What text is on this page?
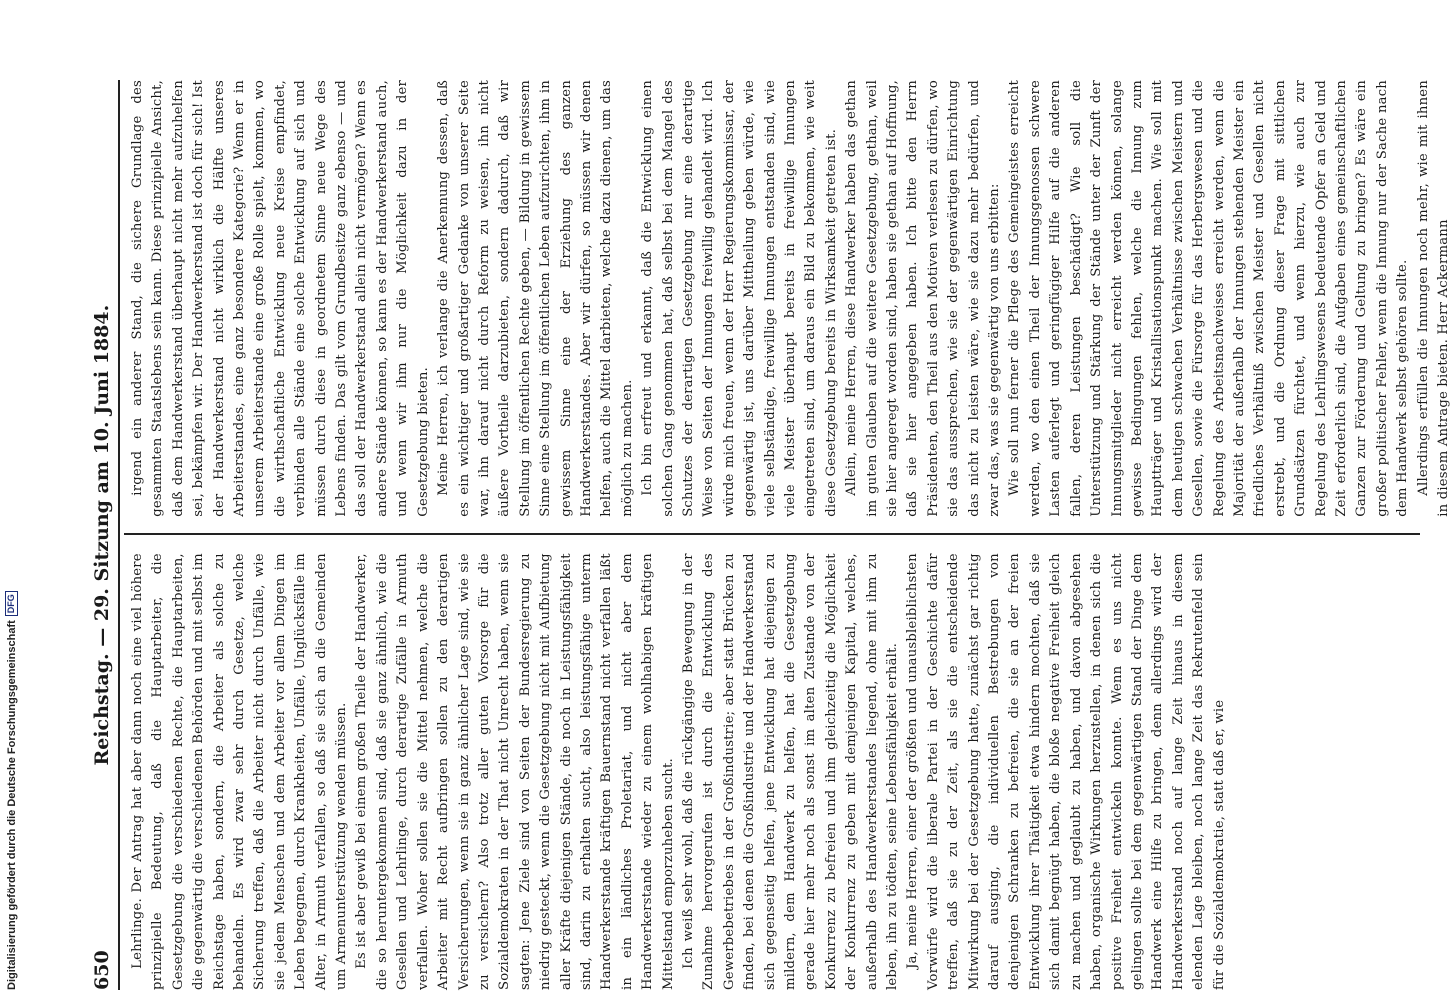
650
Reichstag. — 29. Sitzung am 10. Juni 1884. Lehrlinge. Der Antrag hat aber dann noch eine viel höhere prinzipielle Bedeutung, daß die Hauptarbeiter, die Gesetzgebung die verschiedenen Rechte, die Hauptarbeiten, die gegenwärtig die verschiedenen Behörden und mit selbst im Reichstage haben, sondern, die Arbeiter als solche zu behandeln. Es wird zwar sehr durch Gesetze, welche Sicherung treffen, daß die Arbeiter nicht durch Unfälle, wie sie jedem Menschen und dem Arbeiter vor allem Dingen im Leben begegnen, durch Krankheiten, Unfälle, Unglücksfälle im Alter, in Armuth verfallen, so daß sie sich an die Gemeinden um Armenunterstützung wenden müssen. Es ist aber gewiß bei einem großen Theile der Handwerker, die so heruntergekommen sind, daß sie ganz ähnlich, wie die Gesellen und Lehrlinge, durch derartige Zufälle in Armuth verfallen. Woher sollen sie die Mittel nehmen, welche die Arbeiter mit Recht aufbringen sollen zu den derartigen Versicherungen, wenn sie in ganz ähnlicher Lage sind, wie sie zu versichern? Also trotz aller guten Vorsorge für die Sozialdemokraten in der That nicht Unrecht haben, wenn sie sagten: Jene Ziele sind von Seiten der Bundesregierung zu niedrig gesteckt, wenn die Gesetzgebung nicht mit Aufbietung aller Kräfte diejenigen Stände, die noch in Leistungsfähigkeit sind, darin zu erhalten sucht, also leistungsfähige unterm Handwerkerstande kräftigen Bauernstand nicht verfallen läßt in ein ländliches Proletariat, und nicht aber dem Handwerkerstande wieder zu einem wohlhabigen kräftigen Mittelstand emporzuheben sucht. Ich weiß sehr wohl, daß die rückgängige Bewegung in der Zunahme hervorgerufen ist durch die Entwicklung des Gewerbebetriebes in der Großindustrie; aber statt Brücken zu finden, bei denen die Großindustrie und der Handwerkerstand sich gegenseitig helfen, jene Entwicklung hat diejenigen zu mildern, dem Handwerk zu helfen, hat die Gesetzgebung gerade hier mehr noch als sonst im alten Zustande von der Konkurrenz zu befreien und ihm gleichzeitig die Möglichkeit der Konkurrenz zu geben mit demjenigen Kapital, welches, außerhalb des Handwerkerstandes liegend, ohne mit ihm zu leben, ihn zu tödten, seine Lebensfähigkeit erhält. Ja, meine Herren, einer der größten und unausbleiblichsten Vorwürfe wird die liberale Partei in der Geschichte dafür treffen, daß sie zu der Zeit, als sie die entscheidende Mitwirkung bei der Gesetzgebung hatte, zunächst gar richtig darauf ausging, die individuellen Bestrebungen von denjenigen Schranken zu befreien, die sie an der freien Entwicklung ihrer Thätigkeit etwa hindern mochten, daß sie sich damit begnügt haben, die bloße negative Freiheit gleich zu machen und geglaubt zu haben, und davon abgesehen haben, organische Wirkungen herzustellen, in denen sich die positive Freiheit entwickeln konnte. Wenn es uns nicht gelingen sollte bei dem gegenwärtigen Stand der Dinge dem Handwerk eine Hilfe zu bringen, denn allerdings wird der Handwerkerstand noch auf lange Zeit hinaus in diesem elenden Lage bleiben, noch lange Zeit das Rekrutenfeld sein für die Sozialdemokratie, statt daß er, wie

irgend ein anderer Stand, die sichere Grundlage des gesammten Staatslebens sein kann. Diese prinzipielle Ansicht, daß dem Handwerkerstand überhaupt nicht mehr aufzuhelfen sei, bekämpfen wir. Der Handwerkerstand ist doch für sich! Ist der Handwerkerstand nicht wirklich die Hälfte unseres Arbeiterstandes, eine ganz besondere Kategorie? Wenn er in unserem Arbeiterstande eine große Rolle spielt, kommen, wo die wirthschaftliche Entwicklung neue Kreise empfindet, verbinden alle Stände eine solche Entwicklung auf sich und müssen durch diese in geordnetem Sinne neue Wege des Lebens finden. Das gilt vom Grundbesitze ganz ebenso — und das soll der Handwerkerstand allein nicht vermögen? Wenn es andere Stände können, so kann es der Handwerkerstand auch, und wenn wir ihm nur die Möglichkeit dazu in der Gesetzgebung bieten. Meine Herren, ich verlange die Anerkennung dessen, daß es ein wichtiger und großartiger Gedanke von unserer Seite war, ihn darauf nicht durch Reform zu weisen, ihn nicht äußere Vortheile darzubieten, sondern dadurch, daß wir Stellung im öffentlichen Rechte geben, — Bildung in gewissem Sinne eine Stellung im öffentlichen Leben aufzurichten, ihm in gewissem Sinne eine der Erziehung des ganzen Handwerkerstandes. Aber wir dürfen, so müssen wir denen helfen, auch die Mittel darbieten, welche dazu dienen, um das möglich zu machen. Ich bin erfreut und erkannt, daß die Entwicklung einen solchen Gang genommen hat, daß selbst bei dem Mangel des Schutzes der derartigen Gesetzgebung nur eine derartige Weise von Seiten der Innungen freiwillig gehandelt wird. Ich würde mich freuen, wenn der Herr Regierungskommissar, der gegenwärtig ist, uns darüber Mittheilung geben würde, wie viele selbständige, freiwillige Innungen entstanden sind, wie viele Meister überhaupt bereits in freiwillige Innungen eingetreten sind, um daraus ein Bild zu bekommen, wie weit diese Gesetzgebung bereits in Wirksamkeit getreten ist. Allein, meine Herren, diese Handwerker haben das gethan im guten Glauben auf die weitere Gesetzgebung, gethan, weil sie hier angeregt worden sind, haben sie gethan auf Hoffnung, daß sie hier angegeben haben. Ich bitte den Herrn Präsidenten, den Theil aus den Motiven verlesen zu dürfen, wo sie das aussprechen, wie sie der gegenwärtigen Einrichtung das nicht zu leisten wäre, wie sie dazu mehr bedürfen, und zwar das, was sie gegenwärtig von uns erbitten: Wie soll nun ferner die Pflege des Gemeingeistes erreicht werden, wo den einen Theil der Innungsgenossen schwere Lasten auferlegt und geringfügiger Hilfe auf die anderen fallen, deren Leistungen beschädigt? Wie soll die Unterstützung und Stärkung der Stände unter der Zunft der Innungsmitglieder nicht erreicht werden können, solange gewisse Bedingungen fehlen, welche die Innung zum Hauptträger und Kristallisationspunkt machen. Wie soll mit dem heutigen schwachen Verhältnisse zwischen Meistern und Gesellen, sowie die Fürsorge für das Herbergswesen und die Regelung des Arbeitsnachweises erreicht werden, wenn die Majorität der außerhalb der Innungen stehenden Meister ein friedliches Verhältniß zwischen Meister und Gesellen nicht erstrebt, und die Ordnung dieser Frage mit sittlichen Grundsätzen fürchtet, und wenn hierzu, wie auch zur Regelung des Lehrlingswesens bedeutende Opfer an Geld und Zeit erforderlich sind, die Aufgaben eines gemeinschaftlichen Ganzen zur Förderung und Geltung zu bringen? Es wäre ein großer politischer Fehler, wenn die Innung nur der Sache nach dem Handwerk selbst gehören sollte. Allerdings erfüllen die Innungen noch mehr, wie mit ihnen in diesem Antrage bieten. Herr Ackermann

Digitalisierung gefördert durch die Deutsche Forschungsgemeinschaft
DFG
